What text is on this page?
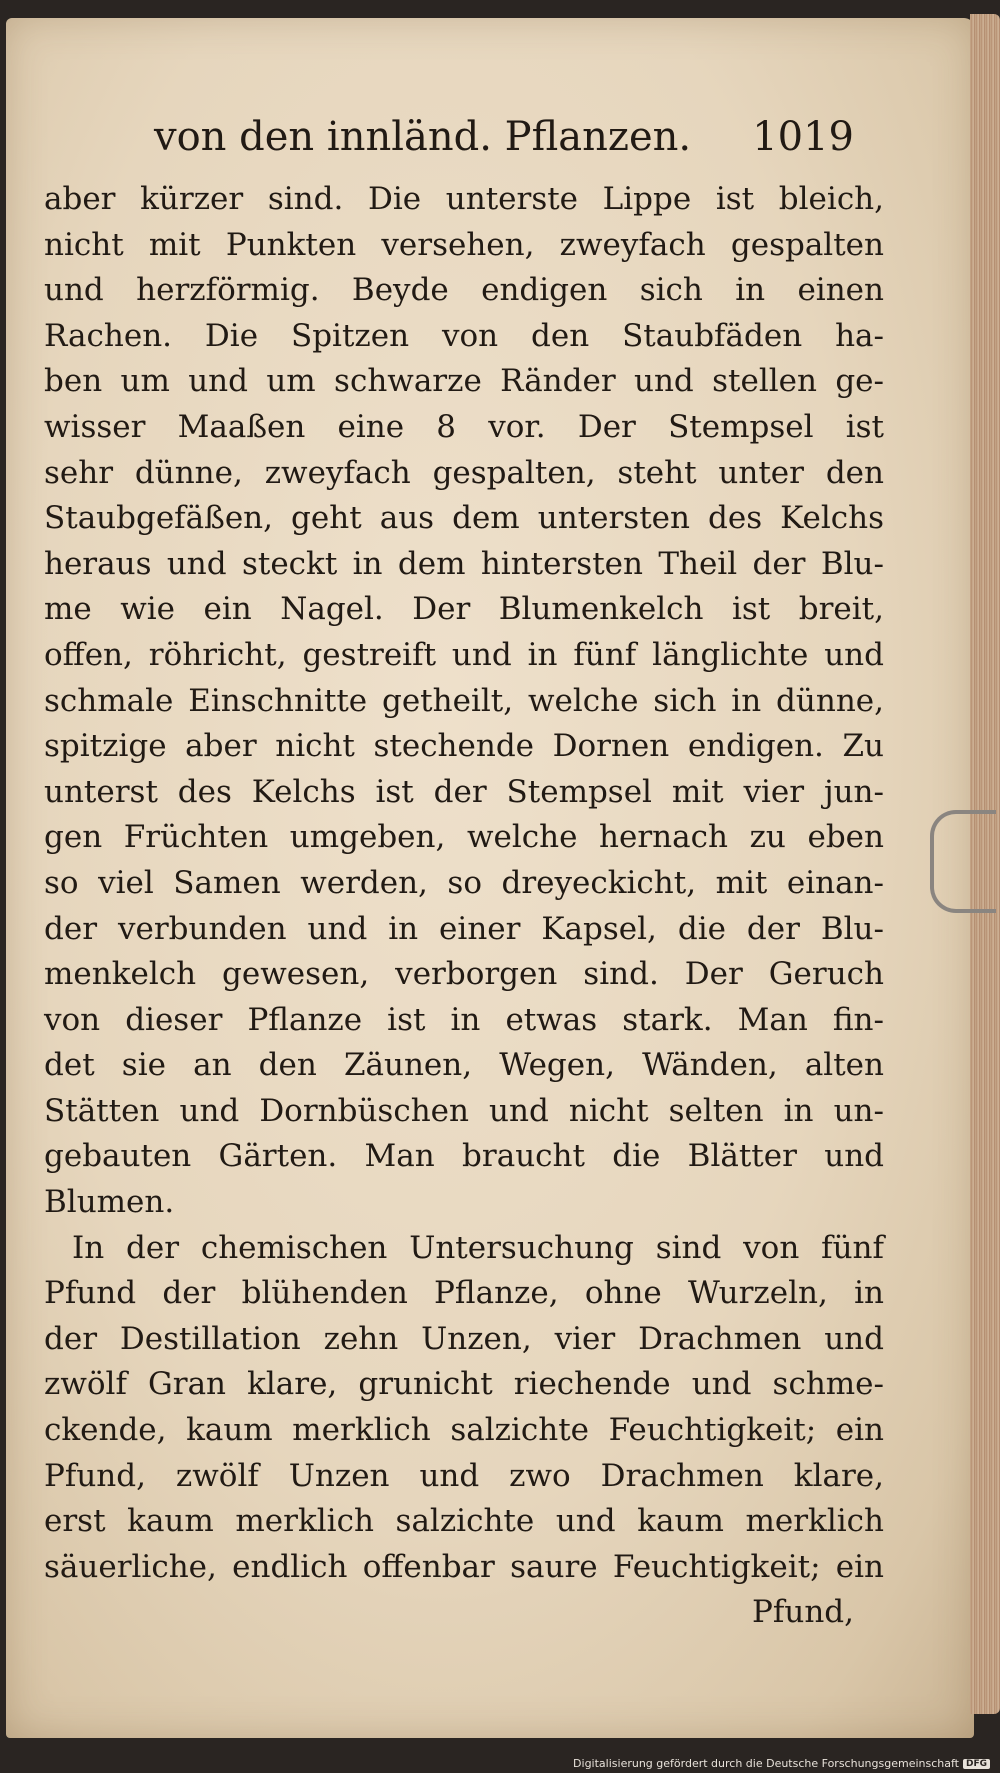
von den innländ. Pflanzen. 1019
aber kürzer sind. Die unterste Lippe ist bleich,
nicht mit Punkten versehen, zweyfach gespalten
und herzförmig. Beyde endigen sich in einen
Rachen. Die Spitzen von den Staubfäden ha-
ben um und um schwarze Ränder und stellen ge-
wisser Maaßen eine 8 vor. Der Stempsel ist
sehr dünne, zweyfach gespalten, steht unter den
Staubgefäßen, geht aus dem untersten des Kelchs
heraus und steckt in dem hintersten Theil der Blu-
me wie ein Nagel. Der Blumenkelch ist breit,
offen, röhricht, gestreift und in fünf länglichte und
schmale Einschnitte getheilt, welche sich in dünne,
spitzige aber nicht stechende Dornen endigen. Zu
unterst des Kelchs ist der Stempsel mit vier jun-
gen Früchten umgeben, welche hernach zu eben
so viel Samen werden, so dreyeckicht, mit einan-
der verbunden und in einer Kapsel, die der Blu-
menkelch gewesen, verborgen sind. Der Geruch
von dieser Pflanze ist in etwas stark. Man fin-
det sie an den Zäunen, Wegen, Wänden, alten
Stätten und Dornbüschen und nicht selten in un-
gebauten Gärten. Man braucht die Blätter und
Blumen.
In der chemischen Untersuchung sind von fünf
Pfund der blühenden Pflanze, ohne Wurzeln, in
der Destillation zehn Unzen, vier Drachmen und
zwölf Gran klare, grunicht riechende und schme-
ckende, kaum merklich salzichte Feuchtigkeit; ein
Pfund, zwölf Unzen und zwo Drachmen klare,
erst kaum merklich salzichte und kaum merklich
säuerliche, endlich offenbar saure Feuchtigkeit; ein
Pfund,
Digitalisierung gefördert durch die Deutsche Forschungsgemeinschaft DFG
